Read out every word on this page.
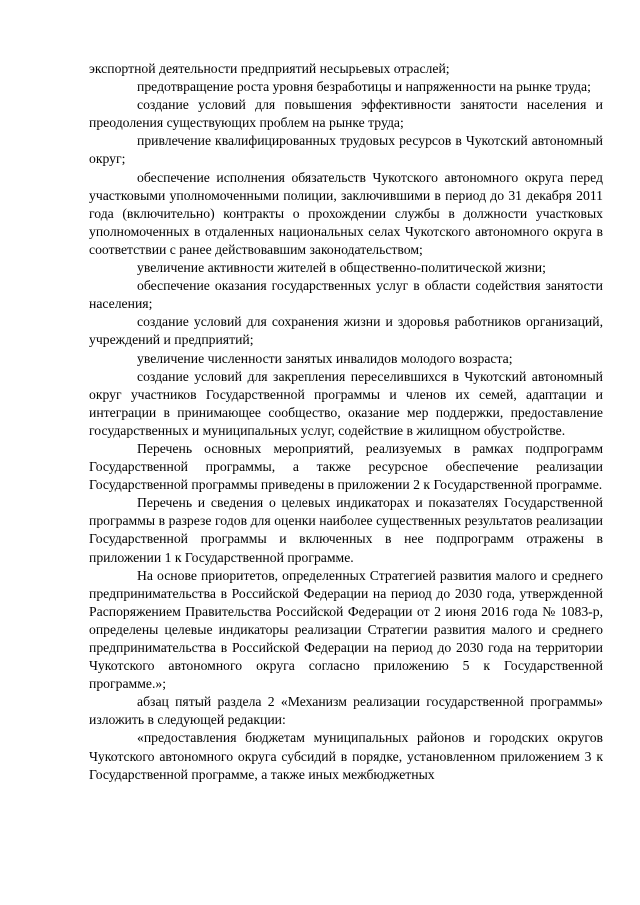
экспортной деятельности предприятий несырьевых отраслей;

предотвращение роста уровня безработицы и напряженности на рынке труда;

создание условий для повышения эффективности занятости населения и преодоления существующих проблем на рынке труда;

привлечение квалифицированных трудовых ресурсов в Чукотский автономный округ;

обеспечение исполнения обязательств Чукотского автономного округа перед участковыми уполномоченными полиции, заключившими в период до 31 декабря 2011 года (включительно) контракты о прохождении службы в должности участковых уполномоченных в отдаленных национальных селах Чукотского автономного округа в соответствии с ранее действовавшим законодательством;

увеличение активности жителей в общественно-политической жизни;

обеспечение оказания государственных услуг в области содействия занятости населения;

создание условий для сохранения жизни и здоровья работников организаций, учреждений и предприятий;

увеличение численности занятых инвалидов молодого возраста;

создание условий для закрепления переселившихся в Чукотский автономный округ участников Государственной программы и членов их семей, адаптации и интеграции в принимающее сообщество, оказание мер поддержки, предоставление государственных и муниципальных услуг, содействие в жилищном обустройстве.

Перечень основных мероприятий, реализуемых в рамках подпрограмм Государственной программы, а также ресурсное обеспечение реализации Государственной программы приведены в приложении 2 к Государственной программе.

Перечень и сведения о целевых индикаторах и показателях Государственной программы в разрезе годов для оценки наиболее существенных результатов реализации Государственной программы и включенных в нее подпрограмм отражены в приложении 1 к Государственной программе.

На основе приоритетов, определенных Стратегией развития малого и среднего предпринимательства в Российской Федерации на период до 2030 года, утвержденной Распоряжением Правительства Российской Федерации от 2 июня 2016 года № 1083-р, определены целевые индикаторы реализации Стратегии развития малого и среднего предпринимательства в Российской Федерации на период до 2030 года на территории Чукотского автономного округа согласно приложению 5 к Государственной программе.»;

абзац пятый раздела 2 «Механизм реализации государственной программы» изложить в следующей редакции:

«предоставления бюджетам муниципальных районов и городских округов Чукотского автономного округа субсидий в порядке, установленном приложением 3 к Государственной программе, а также иных межбюджетных
